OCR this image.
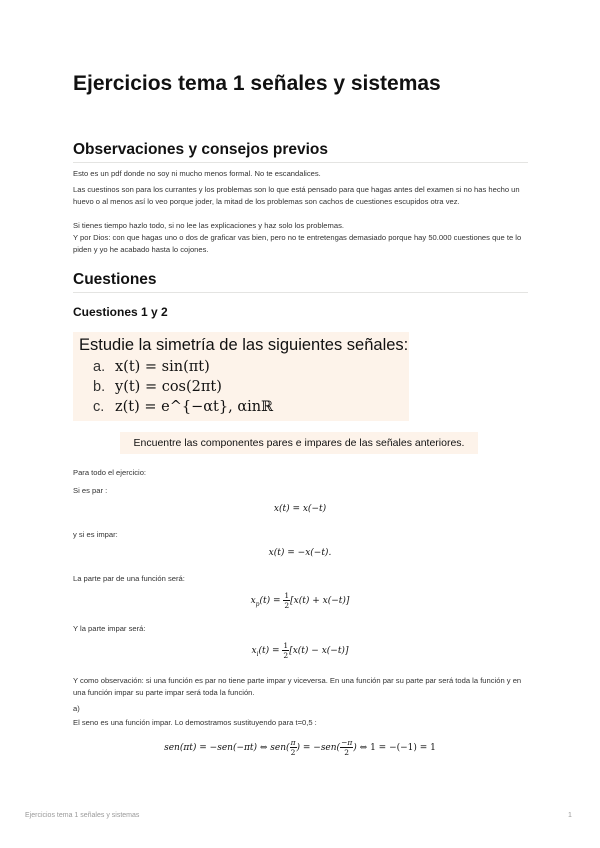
Ejercicios tema 1 señales y sistemas
Observaciones y consejos previos
Esto es un pdf donde no soy ni mucho menos formal. No te escandalices.
Las cuestinos son para los currantes y los problemas son lo que está pensado para que hagas antes del examen si no has hecho un huevo o al menos así lo veo porque joder, la mitad de los problemas son cachos de cuestiones escupidos otra vez.
Si tienes tiempo hazlo todo, si no lee las explicaciones y haz solo los problemas.
Y por Dios: con que hagas uno o dos de graficar vas bien, pero no te entretengas demasiado porque hay 50.000 cuestiones que te lo piden y yo he acabado hasta lo cojones.
Cuestiones
Cuestiones 1 y 2
Estudie la simetría de las siguientes señales:
a. x(t) = sin(πt)
b. y(t) = cos(2πt)
c. z(t) = e^{−αt}, αinℝ
Encuentre las componentes pares e impares de las señales anteriores.
Para todo el ejercicio:
Si es par :
x(t) = x(−t)
y si es impar:
x(t) = −x(−t).
La parte par de una función será:
$x_p(t) = \frac{1}{2} [x(t) + x(-t)]$
Y la parte impar será:
$x_i(t) = \frac{1}{2} [x(t) - x(-t)]$
Y como observación: si una función es par no tiene parte impar y viceversa. En una función par su parte par será toda la función y en una función impar su parte impar será toda la función.
a)
El seno es una función impar. Lo demostramos sustituyendo para t=0,5 :
sen(πt) = −sen(−πt) ⇔ $sen( \frac{\pi}{2}$ ) = $-sen( \frac{-\pi}{2}$ ) ⇔ 1 = −(−1) = 1
Ejercicios tema 1 señales y sistemas	1
